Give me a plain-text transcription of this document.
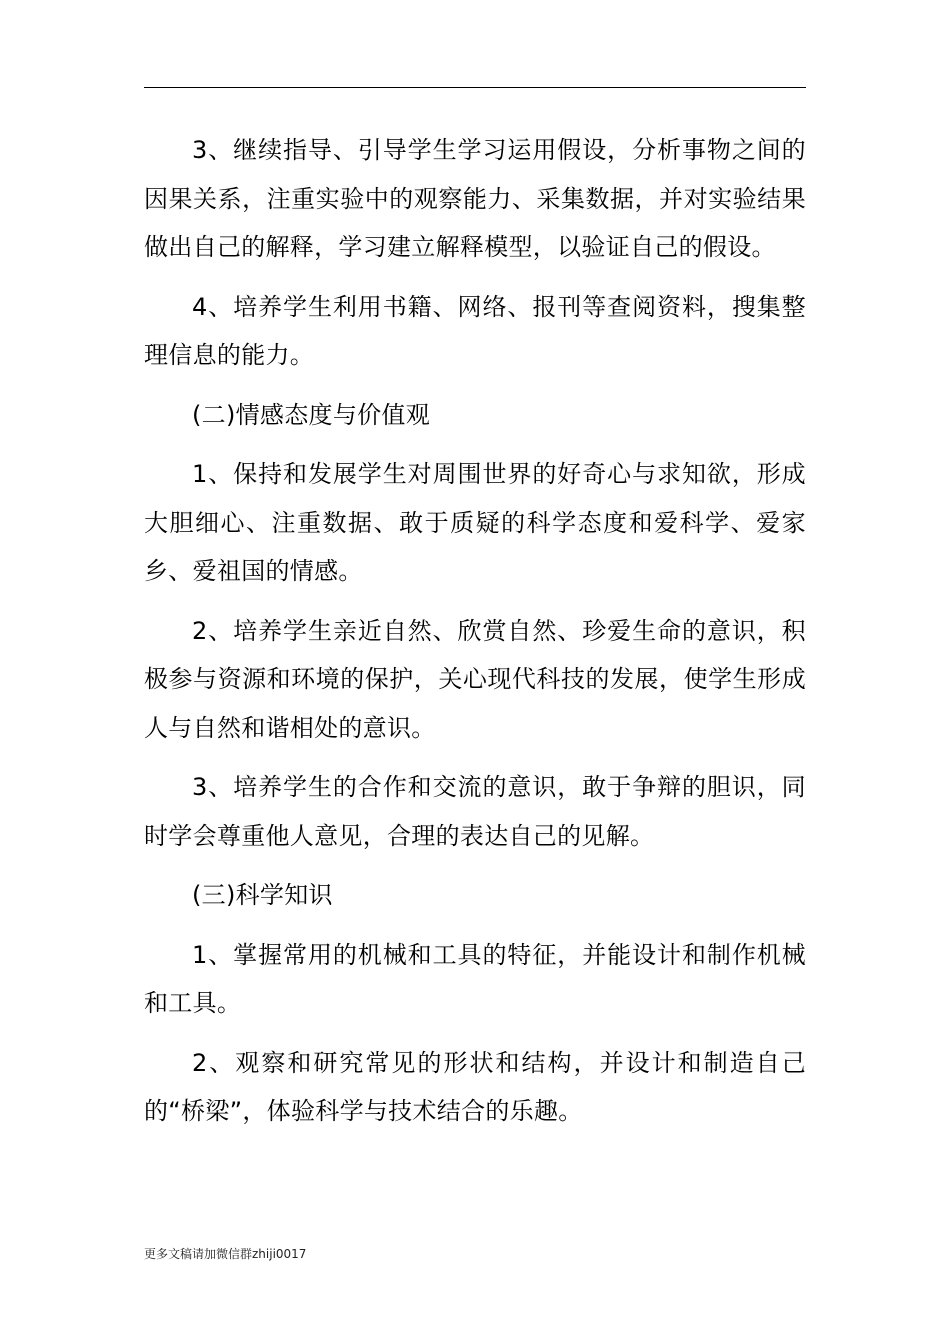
3、继续指导、引导学生学习运用假设，分析事物之间的因果关系，注重实验中的观察能力、采集数据，并对实验结果做出自己的解释，学习建立解释模型，以验证自己的假设。

4、培养学生利用书籍、网络、报刊等查阅资料，搜集整理信息的能力。

(二)情感态度与价值观

1、保持和发展学生对周围世界的好奇心与求知欲，形成大胆细心、注重数据、敢于质疑的科学态度和爱科学、爱家乡、爱祖国的情感。

2、培养学生亲近自然、欣赏自然、珍爱生命的意识，积极参与资源和环境的保护，关心现代科技的发展，使学生形成人与自然和谐相处的意识。

3、培养学生的合作和交流的意识，敢于争辩的胆识，同时学会尊重他人意见，合理的表达自己的见解。

(三)科学知识

1、掌握常用的机械和工具的特征，并能设计和制作机械和工具。

2、观察和研究常见的形状和结构，并设计和制造自己的“桥梁”，体验科学与技术结合的乐趣。

更多文稿请加微信群zhiji0017
